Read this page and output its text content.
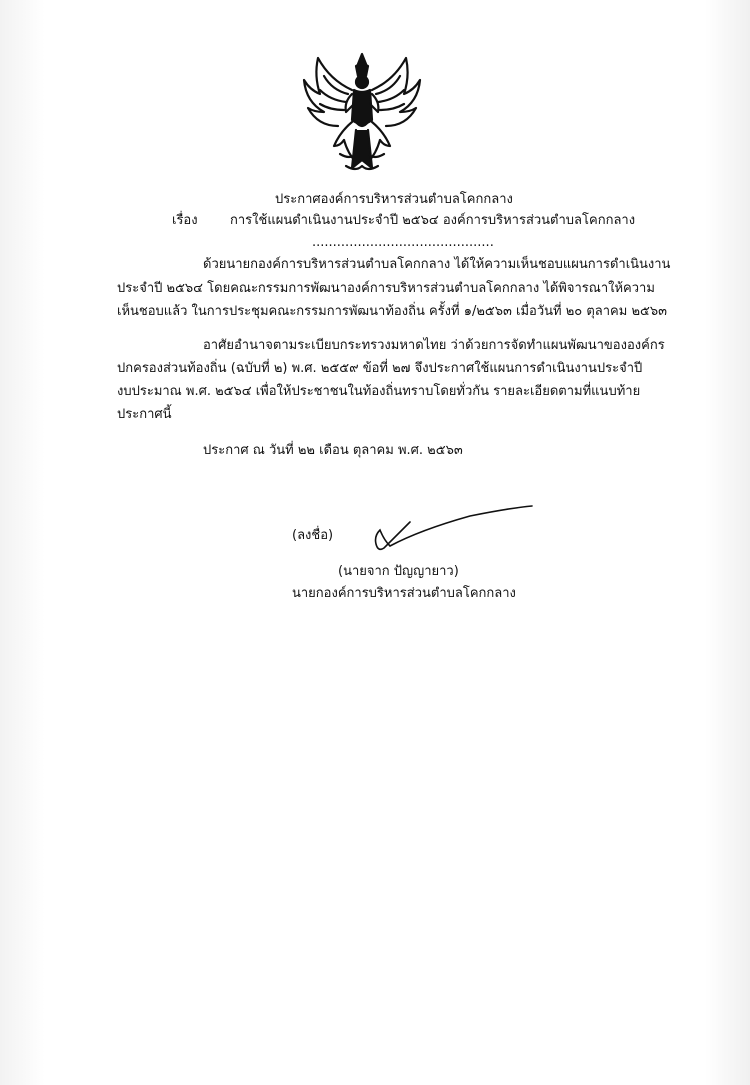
ประกาศองค์การบริหารส่วนตำบลโคกกลาง
เรื่อง การใช้แผนดำเนินงานประจำปี ๒๕๖๔ องค์การบริหารส่วนตำบลโคกกลาง
............................................
ด้วยนายกองค์การบริหารส่วนตำบลโคกกลาง ได้ให้ความเห็นชอบแผนการดำเนินงาน
ประจำปี ๒๕๖๔ โดยคณะกรรมการพัฒนาองค์การบริหารส่วนตำบลโคกกลาง ได้พิจารณาให้ความ
เห็นชอบแล้ว ในการประชุมคณะกรรมการพัฒนาท้องถิ่น ครั้งที่ ๑/๒๕๖๓ เมื่อวันที่ ๒๐ ตุลาคม ๒๕๖๓
อาศัยอำนาจตามระเบียบกระทรวงมหาดไทย ว่าด้วยการจัดทำแผนพัฒนาขององค์กร
ปกครองส่วนท้องถิ่น (ฉบับที่ ๒) พ.ศ. ๒๕๕๙ ข้อที่ ๒๗ จึงประกาศใช้แผนการดำเนินงานประจำปี
งบประมาณ พ.ศ. ๒๕๖๔ เพื่อให้ประชาชนในท้องถิ่นทราบโดยทั่วกัน รายละเอียดตามที่แนบท้าย
ประกาศนี้
ประกาศ ณ วันที่ ๒๒ เดือน ตุลาคม พ.ศ. ๒๕๖๓
(ลงชื่อ)
(นายจาก ปัญญายาว)
นายกองค์การบริหารส่วนตำบลโคกกลาง
